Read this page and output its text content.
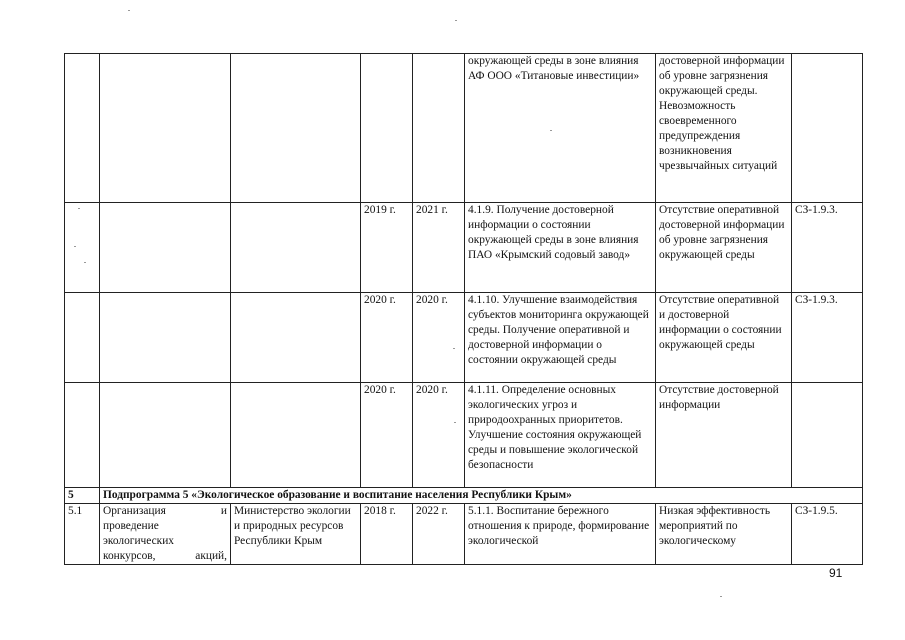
					окружающей среды в зоне влияния АФ ООО «Титановые инвестиции»	достоверной информации об уровне загрязнения окружающей среды. Невозможность своевременного предупреждения возникновения чрезвычайных ситуаций	
			2019 г.	2021 г.	4.1.9. Получение достоверной информации о состоянии окружающей среды в зоне влияния ПАО «Крымский содовый завод»	Отсутствие оперативной достоверной информации об уровне загрязнения окружающей среды	СЗ-1.9.3.
			2020 г.	2020 г.	4.1.10. Улучшение взаимодействия субъектов мониторинга окружающей среды. Получение оперативной и достоверной информации о состоянии окружающей среды	Отсутствие оперативной и достоверной информации о состоянии окружающей среды	СЗ-1.9.3.
			2020 г.	2020 г.	4.1.11. Определение основных экологических угроз и природоохранных приоритетов. Улучшение состояния окружающей среды и повышение экологической безопасности	Отсутствие достоверной информации	
5	Подпрограмма 5 «Экологическое образование и воспитание населения Республики Крым»						
5.1	Организация и проведение экологических конкурсов, акций,	Министерство экологии и природных ресурсов Республики Крым	2018 г.	2022 г.	5.1.1. Воспитание бережного отношения к природе, формирование экологической	Низкая эффективность мероприятий по экологическому	СЗ-1.9.5.
91
